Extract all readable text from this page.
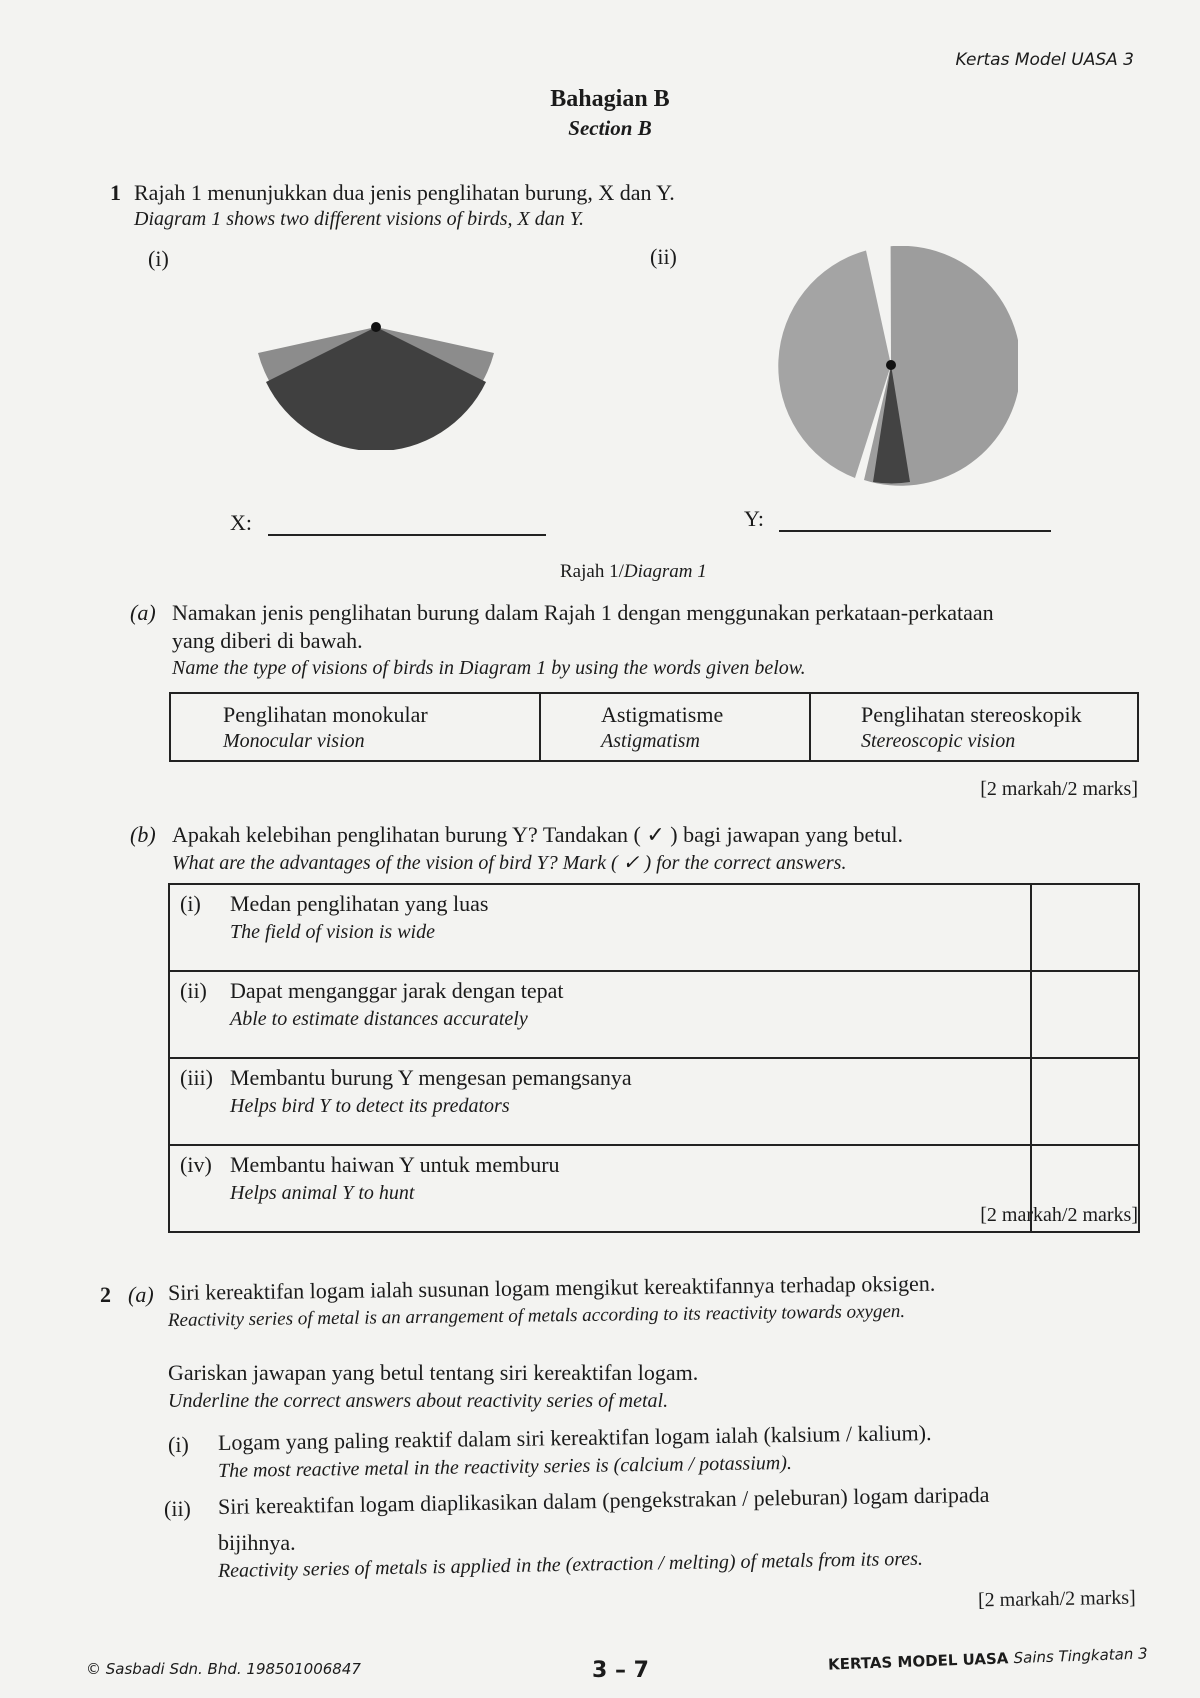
Kertas Model UASA 3
Bahagian B
Section B
1 Rajah 1 menunjukkan dua jenis penglihatan burung, X dan Y.
Diagram 1 shows two different visions of birds, X dan Y.
(i)	(ii)
X:	Y:
Rajah 1/Diagram 1
(a) Namakan jenis penglihatan burung dalam Rajah 1 dengan menggunakan perkataan-perkataan
yang diberi di bawah.
Name the type of visions of birds in Diagram 1 by using the words given below.
Penglihatan monokular
Monocular vision

Astigmatisme
Astigmatism

Penglihatan stereoskopik
Stereoscopic vision
[2 markah/2 marks]
(b) Apakah kelebihan penglihatan burung Y? Tandakan ( ✓ ) bagi jawapan yang betul.
What are the advantages of the vision of bird Y? Mark ( ✓ ) for the correct answers.
(i) Medan penglihatan yang luas
The field of vision is wide	

(ii) Dapat menganggar jarak dengan tepat
Able to estimate distances accurately	

(iii) Membantu burung Y mengesan pemangsanya
Helps bird Y to detect its predators	

(iv) Membantu haiwan Y untuk memburu
Helps animal Y to hunt	

[2 markah/2 marks]
2 (a) Siri kereaktifan logam ialah susunan logam mengikut kereaktifannya terhadap oksigen.
Reactivity series of metal is an arrangement of metals according to its reactivity towards oxygen.
Gariskan jawapan yang betul tentang siri kereaktifan logam.
Underline the correct answers about reactivity series of metal.
(i) Logam yang paling reaktif dalam siri kereaktifan logam ialah (kalsium / kalium).
The most reactive metal in the reactivity series is (calcium / potassium).
(ii) Siri kereaktifan logam diaplikasikan dalam (pengekstrakan / peleburan) logam daripada
bijihnya.
Reactivity series of metals is applied in the (extraction / melting) of metals from its ores.
[2 markah/2 marks]
© Sasbadi Sdn. Bhd. 198501006847	3 – 7	KERTAS MODEL UASA Sains Tingkatan 3
